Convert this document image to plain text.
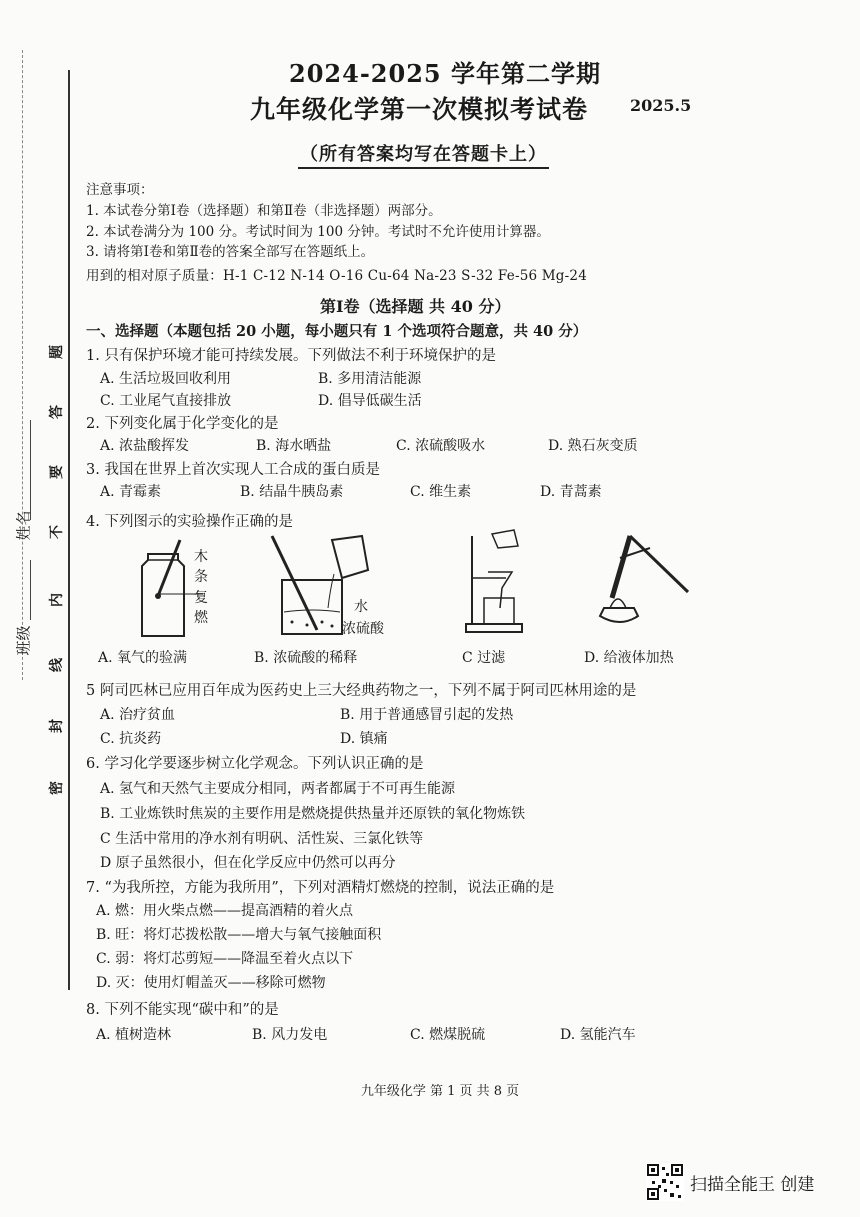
题
答
要
不
内
线
封
密
姓名
班级
2024-2025 学年第二学期
九年级化学第一次模拟考试卷	2025.5
（所有答案均写在答题卡上）
注意事项：
1. 本试卷分第Ⅰ卷（选择题）和第Ⅱ卷（非选择题）两部分。
2. 本试卷满分为 100 分。考试时间为 100 分钟。考试时不允许使用计算器。
3. 请将第Ⅰ卷和第Ⅱ卷的答案全部写在答题纸上。
用到的相对原子质量：H-1 C-12 N-14 O-16 Cu-64 Na-23 S-32 Fe-56 Mg-24
第Ⅰ卷（选择题 共 40 分）
一、选择题（本题包括 20 小题，每小题只有 1 个选项符合题意，共 40 分）
1. 只有保护环境才能可持续发展。下列做法不利于环境保护的是
A. 生活垃圾回收利用	B. 多用清洁能源
C. 工业尾气直接排放	D. 倡导低碳生活
2. 下列变化属于化学变化的是
A. 浓盐酸挥发	B. 海水晒盐	C. 浓硫酸吸水	D. 熟石灰变质
3. 我国在世界上首次实现人工合成的蛋白质是
A. 青霉素	B. 结晶牛胰岛素	C. 维生素	D. 青蒿素
4. 下列图示的实验操作正确的是
木
条
复
燃
水
浓硫酸
A. 氧气的验满	B. 浓硫酸的稀释	C 过滤	D. 给液体加热
5 阿司匹林已应用百年成为医药史上三大经典药物之一，下列不属于阿司匹林用途的是
A. 治疗贫血	B. 用于普通感冒引起的发热
C. 抗炎药	D. 镇痛
6. 学习化学要逐步树立化学观念。下列认识正确的是
A. 氢气和天然气主要成分相同，两者都属于不可再生能源
B. 工业炼铁时焦炭的主要作用是燃烧提供热量并还原铁的氧化物炼铁
C 生活中常用的净水剂有明矾、活性炭、三氯化铁等
D 原子虽然很小，但在化学反应中仍然可以再分
7. “为我所控，方能为我所用”，下列对酒精灯燃烧的控制，说法正确的是
A. 燃：用火柴点燃——提高酒精的着火点
B. 旺：将灯芯拨松散——增大与氧气接触面积
C. 弱：将灯芯剪短——降温至着火点以下
D. 灭：使用灯帽盖灭——移除可燃物
8. 下列不能实现“碳中和”的是
A. 植树造林	B. 风力发电	C. 燃煤脱硫	D. 氢能汽车
九年级化学 第 1 页 共 8 页
扫描全能王 创建
